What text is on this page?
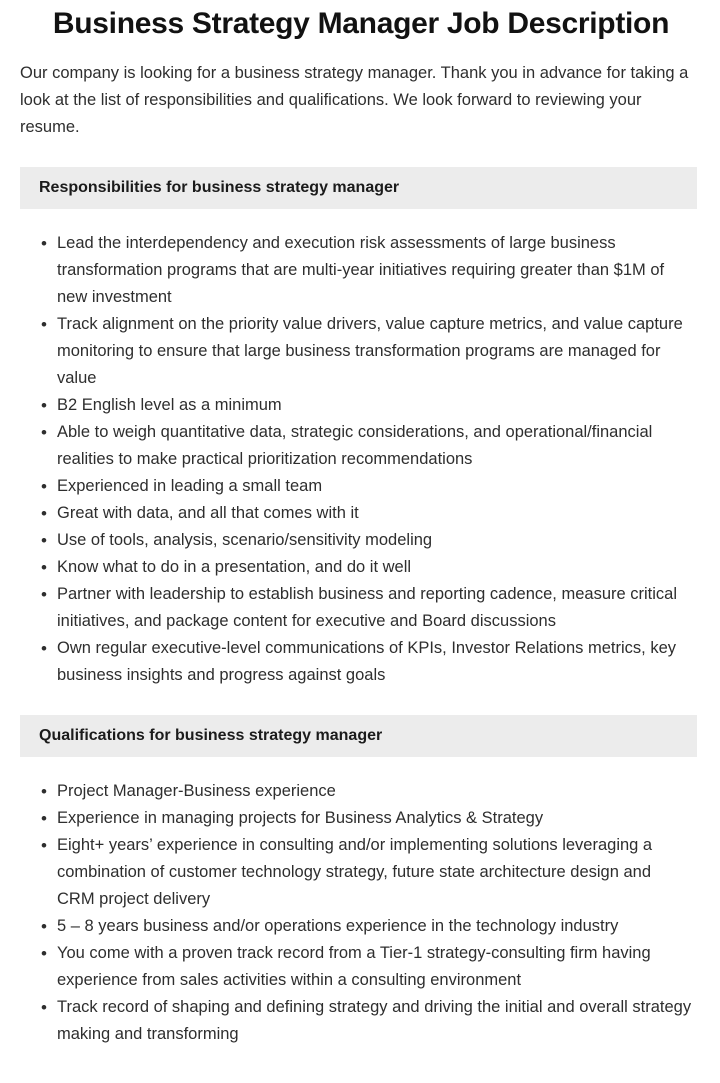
Business Strategy Manager Job Description

Our company is looking for a business strategy manager. Thank you in advance for taking a look at the list of responsibilities and qualifications. We look forward to reviewing your resume.

Responsibilities for business strategy manager
• Lead the interdependency and execution risk assessments of large business transformation programs that are multi-year initiatives requiring greater than $1M of new investment
• Track alignment on the priority value drivers, value capture metrics, and value capture monitoring to ensure that large business transformation programs are managed for value
• B2 English level as a minimum
• Able to weigh quantitative data, strategic considerations, and operational/financial realities to make practical prioritization recommendations
• Experienced in leading a small team
• Great with data, and all that comes with it
• Use of tools, analysis, scenario/sensitivity modeling
• Know what to do in a presentation, and do it well
• Partner with leadership to establish business and reporting cadence, measure critical initiatives, and package content for executive and Board discussions
• Own regular executive-level communications of KPIs, Investor Relations metrics, key business insights and progress against goals
Qualifications for business strategy manager
• Project Manager-Business experience
• Experience in managing projects for Business Analytics & Strategy
• Eight+ years’ experience in consulting and/or implementing solutions leveraging a combination of customer technology strategy, future state architecture design and CRM project delivery
• 5 – 8 years business and/or operations experience in the technology industry
• You come with a proven track record from a Tier-1 strategy-consulting firm having experience from sales activities within a consulting environment
• Track record of shaping and defining strategy and driving the initial and overall strategy making and transforming
